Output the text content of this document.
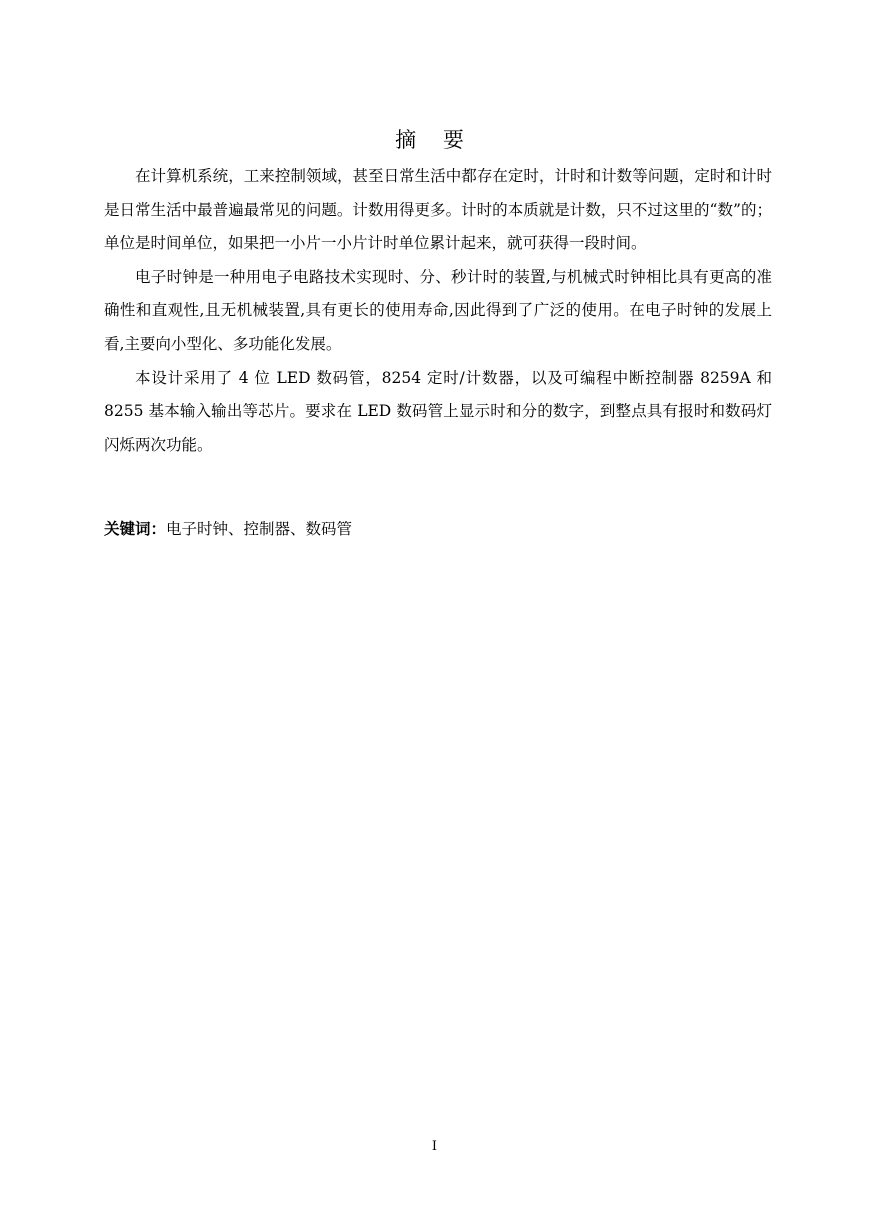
摘 要

在计算机系统，工来控制领域，甚至日常生活中都存在定时，计时和计数等问题，定时和计时是日常生活中最普遍最常见的问题。计数用得更多。计时的本质就是计数，只不过这里的“数”的；单位是时间单位，如果把一小片一小片计时单位累计起来，就可获得一段时间。

电子时钟是一种用电子电路技术实现时、分、秒计时的装置,与机械式时钟相比具有更高的准确性和直观性,且无机械装置,具有更长的使用寿命,因此得到了广泛的使用。在电子时钟的发展上看,主要向小型化、多功能化发展。

本设计采用了 4 位 LED 数码管，8254 定时/计数器，以及可编程中断控制器 8259A 和 8255 基本输入输出等芯片。要求在 LED 数码管上显示时和分的数字，到整点具有报时和数码灯闪烁两次功能。

关键词：电子时钟、控制器、数码管
I
